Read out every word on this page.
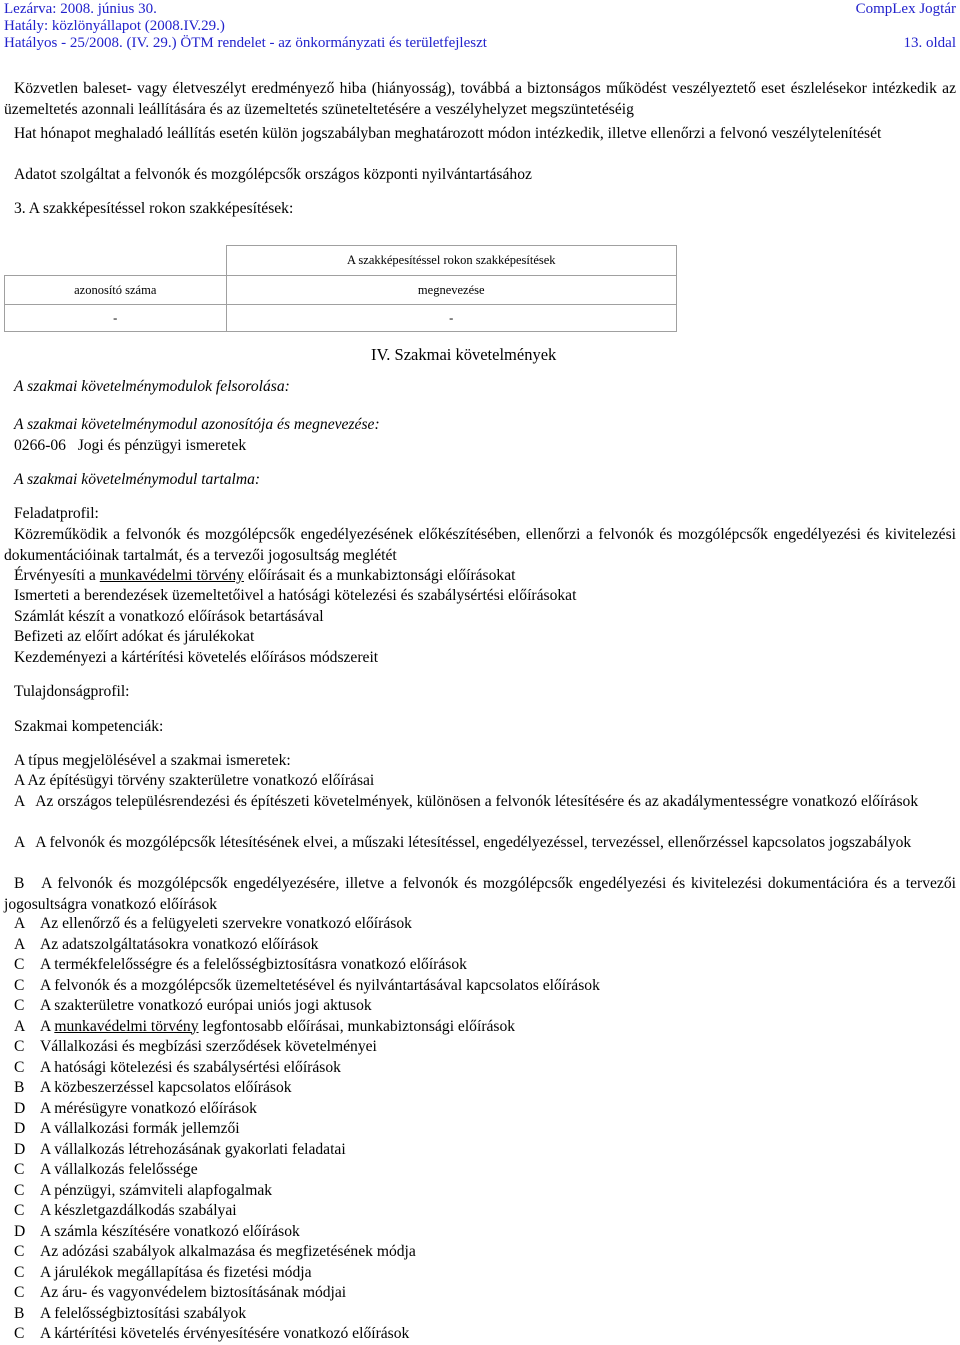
Lezárva: 2008. június 30.
Hatály: közlönyállapot (2008.IV.29.)
Hatályos - 25/2008. (IV. 29.) ÖTM rendelet - az önkormányzati és területfejleszt
CompLex Jogtár
13. oldal
Közvetlen baleset- vagy életveszélyt eredményező hiba (hiányosság), továbbá a biztonságos működést veszélyeztető eset észlelésekor intézkedik az üzemeltetés azonnali leállítására és az üzemeltetés szüneteltetésére a veszélyhelyzet megszüntetéséig
Hat hónapot meghaladó leállítás esetén külön jogszabályban meghatározott módon intézkedik, illetve ellenőrzi a felvonó veszélytelenítését
Adatot szolgáltat a felvonók és mozgólépcsők országos központi nyilvántartásához
3. A szakképesítéssel rokon szakképesítések:
	A szakképesítéssel rokon szakképesítések
azonosító száma	megnevezése
-	-
IV. Szakmai követelmények
A szakmai követelménymodulok felsorolása:
A szakmai követelménymodul azonosítója és megnevezése:
0266-06 Jogi és pénzügyi ismeretek
A szakmai követelménymodul tartalma:
Feladatprofil:
Közreműködik a felvonók és mozgólépcsők engedélyezésének előkészítésében, ellenőrzi a felvonók és mozgólépcsők engedélyezési és kivitelezési dokumentációinak tartalmát, és a tervezői jogosultság meglétét
Érvényesíti a munkavédelmi törvény előírásait és a munkabiztonsági előírásokat
Ismerteti a berendezések üzemeltetőivel a hatósági kötelezési és szabálysértési előírásokat
Számlát készít a vonatkozó előírások betartásával
Befizeti az előírt adókat és járulékokat
Kezdeményezi a kártérítési követelés előírásos módszereit
Tulajdonságprofil:
Szakmai kompetenciák:
A típus megjelölésével a szakmai ismeretek:
A Az építésügyi törvény szakterületre vonatkozó előírásai
A   Az országos településrendezési és építészeti követelmények, különösen a felvonók létesítésére és az akadálymentességre vonatkozó előírások
A   A felvonók és mozgólépcsők létesítésének elvei, a műszaki létesítéssel, engedélyezéssel, tervezéssel, ellenőrzéssel kapcsolatos jogszabályok
B   A felvonók és mozgólépcsők engedélyezésére, illetve a felvonók és mozgólépcsők engedélyezési és kivitelezési dokumentációra és a tervezői jogosultságra vonatkozó előírások
A Az ellenőrző és a felügyeleti szervekre vonatkozó előírások
A Az adatszolgáltatásokra vonatkozó előírások
C A termékfelelősségre és a felelősségbiztosításra vonatkozó előírások
C A felvonók és a mozgólépcsők üzemeltetésével és nyilvántartásával kapcsolatos előírások
C A szakterületre vonatkozó európai uniós jogi aktusok
A A munkavédelmi törvény legfontosabb előírásai, munkabiztonsági előírások
C Vállalkozási és megbízási szerződések követelményei
C A hatósági kötelezési és szabálysértési előírások
B A közbeszerzéssel kapcsolatos előírások
D A mérésügyre vonatkozó előírások
D A vállalkozási formák jellemzői
D A vállalkozás létrehozásának gyakorlati feladatai
C A vállalkozás felelőssége
C A pénzügyi, számviteli alapfogalmak
C A készletgazdálkodás szabályai
D A számla készítésére vonatkozó előírások
C Az adózási szabályok alkalmazása és megfizetésének módja
C A járulékok megállapítása és fizetési módja
C Az áru- és vagyonvédelem biztosításának módjai
B A felelősségbiztosítási szabályok
C A kártérítési követelés érvényesítésére vonatkozó előírások
